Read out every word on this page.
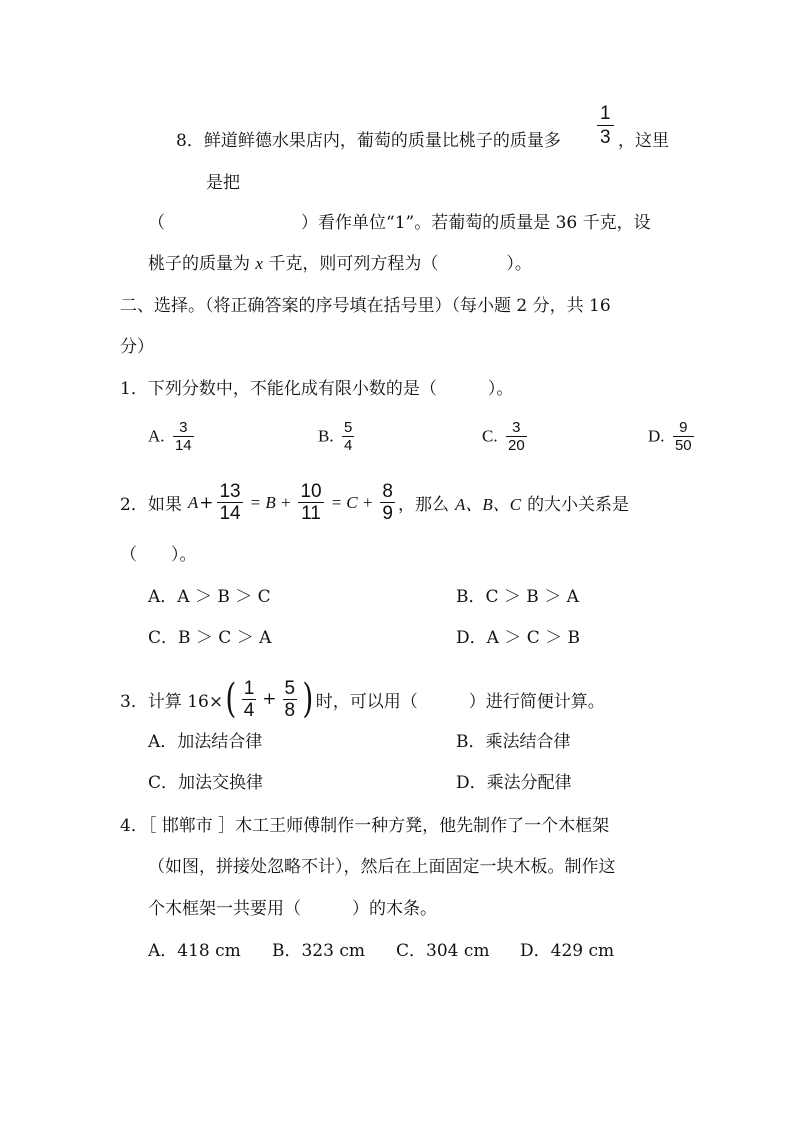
8．鲜道鲜德水果店内，葡萄的质量比桃子的质量多 $\frac{1}{3}$ ，这里
是把
（　　　　　　　　）看作单位“1”。若葡萄的质量是 36 千克，设
桃子的质量为 x 千克，则可列方程为（　　　　）。
二、选择。（将正确答案的序号填在括号里）（每小题 2 分，共 16
分）
1．下列分数中，不能化成有限小数的是（　　　）。
A. $\frac{3}{14}$	B. $\frac{5}{4}$	C. $\frac{3}{20}$	D. $\frac{9}{50}$
2．如果 $A + \frac{13}{14} = B + \frac{10}{11} = C + \frac{8}{9}$ ，那么 A、B、C 的大小关系是
（　　）。
A．A ＞ B ＞ C	B．C ＞ B ＞ A
C．B ＞ C ＞ A	D．A ＞ C ＞ B
3．计算 16× ( $\frac{1}{4} + \frac{5}{8}$ ) 时，可以用（　　　）进行简便计算。
A．加法结合律	B．乘法结合律
C．加法交换律	D．乘法分配律
4．［ 邯郸市 ］木工王师傅制作一种方凳，他先制作了一个木框架
（如图，拼接处忽略不计），然后在上面固定一块木板。制作这
个木框架一共要用（　　　）的木条。
A．418 cm B．323 cm C．304 cm D．429 cm
